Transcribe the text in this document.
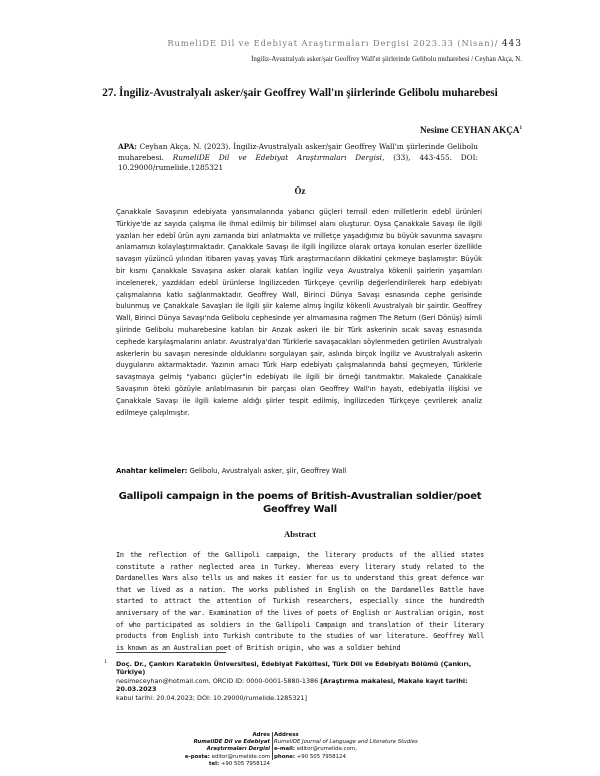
RumeliDE Dil ve Edebiyat Araştırmaları Dergisi 2023.33 (Nisan)/ 443
İngiliz-Avustralyalı asker/şair Geoffrey Wall'ın şiirlerinde Gelibolu muharebesi / Ceyhan Akça, N.
27. İngiliz-Avustralyalı asker/şair Geoffrey Wall'ın şiirlerinde Gelibolu muharebesi
Nesime CEYHAN AKÇA$^1$
APA: Ceyhan Akça, N. (2023). İngiliz-Avustralyalı asker/şair Geoffrey Wall'ın şiirlerinde Gelibolu muharebesi. RumeliDE Dil ve Edebiyat Araştırmaları Dergisi, (33), 443-455. DOI: 10.29000/rumelide.1285321
Öz

Çanakkale Savaşının edebiyata yansımalarında yabancı güçleri temsil eden milletlerin edebî ürünleri Türkiye'de az sayıda çalışma ile ihmal edilmiş bir bilimsel alanı oluşturur. Oysa Çanakkale Savaşı ile ilgili yazılan her edebî ürün aynı zamanda bizi anlatmakta ve milletçe yaşadığımız bu büyük savunma savaşını anlamamızı kolaylaştırmaktadır. Çanakkale Savaşı ile ilgili İngilizce olarak ortaya konulan eserler özellikle savaşın yüzüncü yılından itibaren yavaş yavaş Türk araştırmacıların dikkatini çekmeye başlamıştır: Büyük bir kısmı Çanakkale Savaşına asker olarak katılan İngiliz veya Avustralya kökenli şairlerin yaşamları incelenerek, yazdıkları edebî ürünlerse İngilizceden Türkçeye çevrilip değerlendirilerek harp edebiyatı çalışmalarına katkı sağlanmaktadır. Geoffrey Wall, Birinci Dünya Savaşı esnasında cephe gerisinde bulunmuş ve Çanakkale Savaşları ile ilgili şiir kaleme almış İngiliz kökenli Avustralyalı bir şairdir. Geoffrey Wall, Birinci Dünya Savaşı'nda Gelibolu cephesinde yer almamasına rağmen The Return (Geri Dönüş) isimli şiirinde Gelibolu muharebesine katılan bir Anzak askeri ile bir Türk askerinin sıcak savaş esnasında cephede karşılaşmalarını anlatır. Avustralya'dan Türklerle savaşacakları söylenmeden getirilen Avustralyalı askerlerin bu savaşın neresinde olduklarını sorgulayan şair, aslında birçok İngiliz ve Avustralyalı askerin duygularını aktarmaktadır. Yazının amacı Türk Harp edebiyatı çalışmalarında bahsi geçmeyen, Türklerle savaşmaya gelmiş "yabancı güçler"in edebiyatı ile ilgili bir örneği tanıtmaktır. Makalede Çanakkale Savaşının öteki gözüyle anlatılmasının bir parçası olan Geoffrey Wall'ın hayatı, edebiyatla ilişkisi ve Çanakkale Savaşı ile ilgili kaleme aldığı şiirler tespit edilmiş, İngilizceden Türkçeye çevrilerek analiz edilmeye çalışılmıştır.

Anahtar kelimeler: Gelibolu, Avustralyalı asker, şiir, Geoffrey Wall
Gallipoli campaign in the poems of British-Avustralian soldier/poet Geoffrey Wall
Abstract

In the reflection of the Gallipoli campaign, the literary products of the allied states constitute a rather neglected area in Turkey. Whereas every literary study related to the Dardanelles Wars also tells us and makes it easier for us to understand this great defence war that we lived as a nation. The works published in English on the Dardanelles Battle have started to attract the attention of Turkish researchers, especially since the hundredth anniversary of the war. Examination of the lives of poets of English or Australian origin, most of who participated as soldiers in the Gallipoli Campaign and translation of their literary products from English into Turkish contribute to the studies of war literature. Geoffrey Wall is known as an Australian poet of British origin, who was a soldier behind

1 Doç. Dr., Çankırı Karatekin Üniversitesi, Edebiyat Fakültesi, Türk Dili ve Edebiyatı Bölümü (Çankırı, Türkiye)
nesimeceyhan@hotmail.com, ORCID ID: 0000-0001-5880-1386 [Araştırma makalesi, Makale kayıt tarihi: 20.03.2023
kabul tarihi: 20.04.2023; DOI: 10.29000/rumelide.1285321]
Adres
RumeliDE Dil ve Edebiyat Araştırmaları Dergisi
e-posta: editor@rumelide.com
tel: +90 505 7958124
Address
RumeliDE Journal of Language and Literature Studies
e-mail: editor@rumelide.com,
phone: +90 505 7958124
